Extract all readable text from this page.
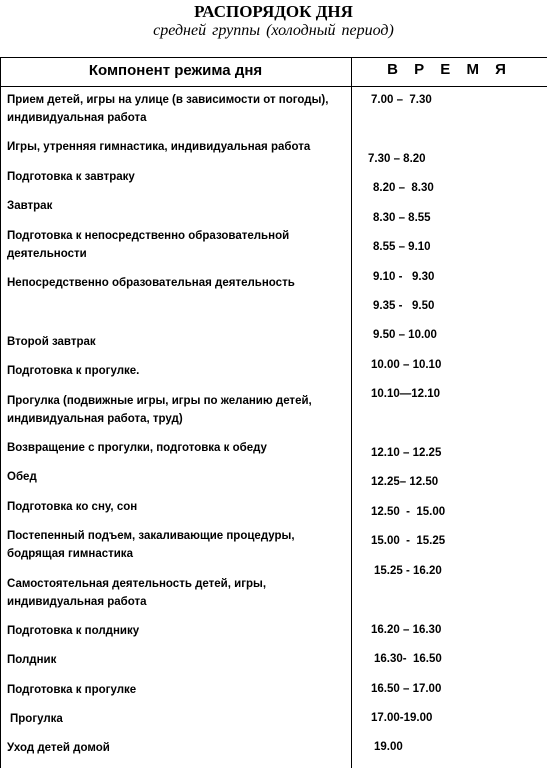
РАСПОРЯДОК ДНЯ
средней группы (холодный период)
Компонент режима дня	В Р Е М Я
Прием детей, игры на улице (в зависимости от погоды),
индивидуальная работа
Игры, утренняя гимнастика, индивидуальная работа
Подготовка к завтраку
Завтрак
Подготовка к непосредственно образовательной
деятельности
Непосредственно образовательная деятельность
Второй завтрак
Подготовка к прогулке.
Прогулка (подвижные игры, игры по желанию детей,
индивидуальная работа, труд)
Возвращение с прогулки, подготовка к обеду
Обед
Подготовка ко сну, сон
Постепенный подъем, закаливающие процедуры,
бодрящая гимнастика
Самостоятельная деятельность детей, игры,
индивидуальная работа
Подготовка к полднику
Полдник
Подготовка к прогулке
Прогулка
Уход детей домой
7.00 –  7.30
7.30 – 8.20
8.20 –  8.30
8.30 – 8.55
8.55 – 9.10
9.10 -   9.30
9.35 -   9.50
9.50 – 10.00
10.00 – 10.10
10.10—12.10
12.10 – 12.25
12.25– 12.50
12.50  -  15.00
15.00  -  15.25
15.25 - 16.20
16.20 – 16.30
16.30-  16.50
16.50 – 17.00
17.00-19.00
19.00
